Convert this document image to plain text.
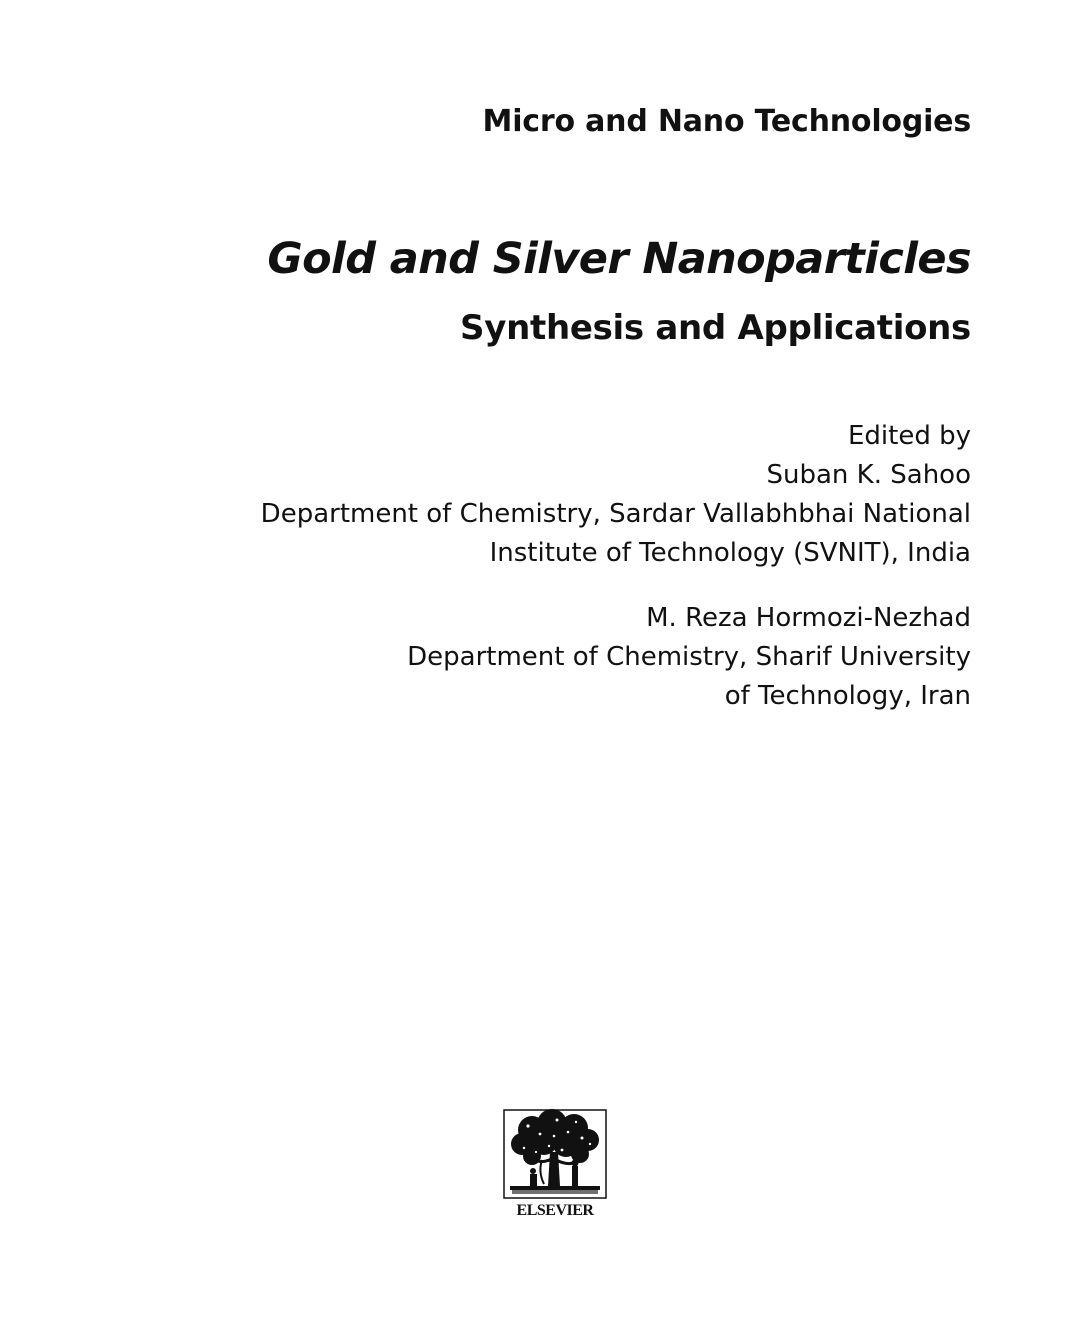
Micro and Nano Technologies
Gold and Silver Nanoparticles
Synthesis and Applications
Edited by
Suban K. Sahoo
Department of Chemistry, Sardar Vallabhbhai National
Institute of Technology (SVNIT), India
M. Reza Hormozi-Nezhad
Department of Chemistry, Sharif University
of Technology, Iran
ELSEVIER
